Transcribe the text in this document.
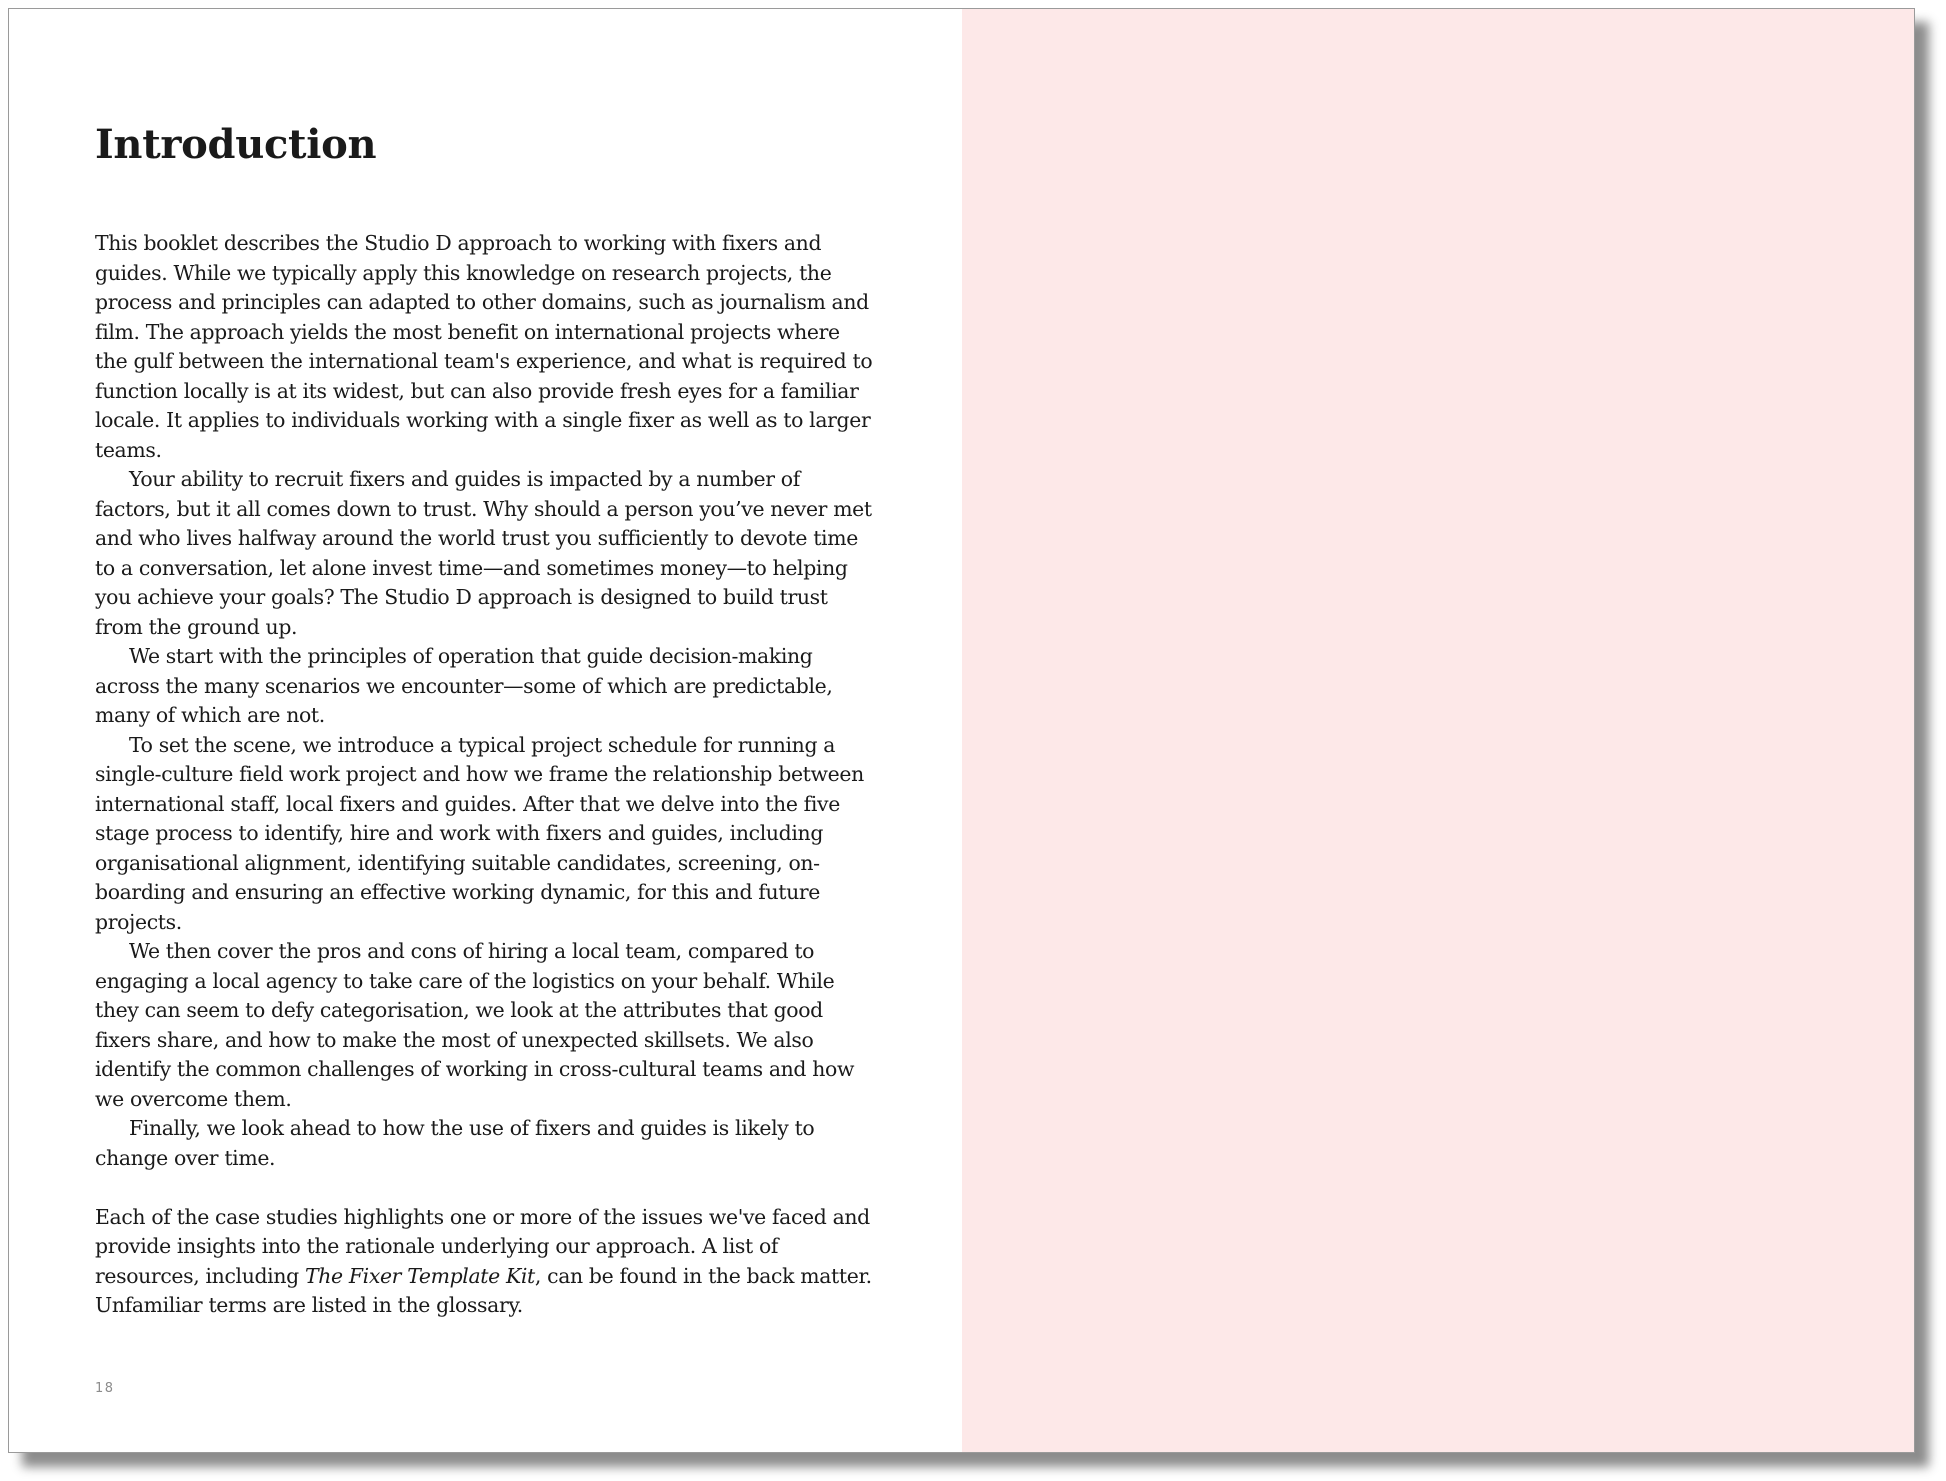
Introduction

This booklet describes the Studio D approach to working with fixers and guides. While we typically apply this knowledge on research projects, the process and principles can adapted to other domains, such as journalism and film. The approach yields the most benefit on international projects where the gulf between the international team's experience, and what is required to function locally is at its widest, but can also provide fresh eyes for a familiar locale. It applies to individuals working with a single fixer as well as to larger teams.

Your ability to recruit fixers and guides is impacted by a number of factors, but it all comes down to trust. Why should a person you’ve never met and who lives halfway around the world trust you sufficiently to devote time to a conversation, let alone invest time—and sometimes money—to helping you achieve your goals? The Studio D approach is designed to build trust from the ground up.

We start with the principles of operation that guide decision-making across the many scenarios we encounter—some of which are predictable, many of which are not.

To set the scene, we introduce a typical project schedule for running a single-culture field work project and how we frame the relationship between international staff, local fixers and guides. After that we delve into the five stage process to identify, hire and work with fixers and guides, including organisational alignment, identifying suitable candidates, screening, on-boarding and ensuring an effective working dynamic, for this and future projects.

We then cover the pros and cons of hiring a local team, compared to engaging a local agency to take care of the logistics on your behalf. While they can seem to defy categorisation, we look at the attributes that good fixers share, and how to make the most of unexpected skillsets. We also identify the common challenges of working in cross-cultural teams and how we overcome them.

Finally, we look ahead to how the use of fixers and guides is likely to change over time.

Each of the case studies highlights one or more of the issues we've faced and provide insights into the rationale underlying our approach. A list of resources, including The Fixer Template Kit, can be found in the back matter. Unfamiliar terms are listed in the glossary.

18
